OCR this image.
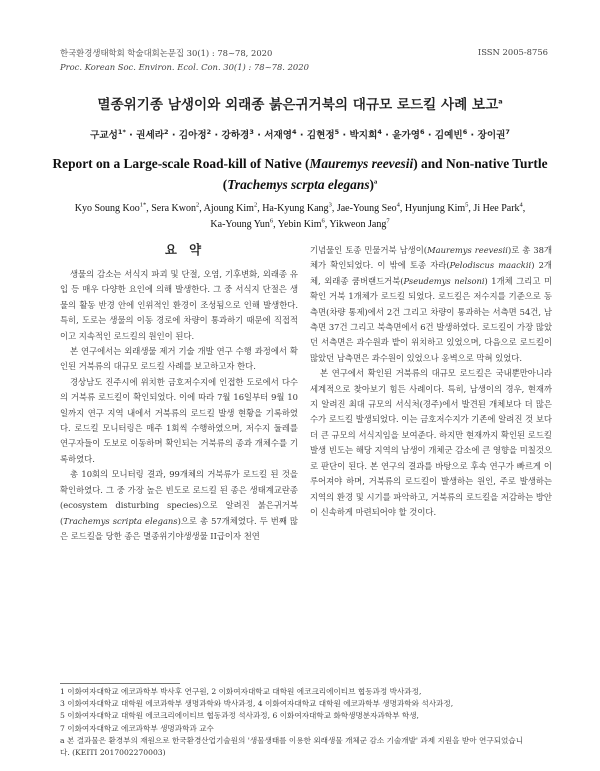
한국환경생태학회 학술대회논문집 30(1) : 78~78, 2020
Proc. Korean Soc. Environ. Ecol. Con. 30(1) : 78~78. 2020
ISSN 2005-8756
멸종위기종 남생이와 외래종 붉은귀거북의 대규모 로드킬 사례 보고$^a$
구교성$^{1*}$ · 권세라$^2$ · 김아정$^2$ · 강하경$^3$ · 서재영$^4$ · 김현정$^5$ · 박지희$^4$ · 윤가영$^6$ · 김예빈$^6$ · 장이권$^7$
Report on a Large-scale Road-kill of Native (Mauremys reevesii) and Non-native Turtle
(Trachemys scrpta elegans)$^a$
Kyo Soung Koo$^{1*}$, Sera Kwon$^2$, Ajoung Kim$^2$, Ha-Kyung Kang$^3$, Jae-Young Seo$^4$, Hyunjung Kim$^5$, Ji Hee Park$^4$,
Ka-Young Yun$^6$, Yebin Kim$^6$, Yikweon Jang$^7$
요 약

생물의 감소는 서식지 파괴 및 단절, 오염, 기후변화, 외래종 유입 등 매우 다양한 요인에 의해 발생한다. 그 중 서식지 단절은 생물의 활동 반경 안에 인위적인 환경이 조성됨으로 인해 발생한다. 특히, 도로는 생물의 이동 경로에 차량이 통과하기 때문에 직접적이고 지속적인 로드킬의 원인이 된다.

본 연구에서는 외래생물 제거 기술 개발 연구 수행 과정에서 확인된 거북류의 대규모 로드킬 사례를 보고하고자 한다.

경상남도 진주시에 위치한 금호저수지에 인접한 도로에서 다수의 거북류 로드킬이 확인되었다. 이에 따라 7월 16일부터 9월 10일까지 연구 지역 내에서 거북류의 로드킬 발생 현황을 기록하였다. 로드킬 모니터링은 매주 1회씩 수행하였으며, 저수지 둘레를 연구자들이 도보로 이동하며 확인되는 거북류의 종과 개체수를 기록하였다.

총 10회의 모니터링 결과, 99개체의 거북류가 로드킬 된 것을 확인하였다. 그 중 가장 높은 빈도로 로드킬 된 종은 생태계교란종(ecosystem disturbing species)으로 알려진 붉은귀거북(Trachemys scripta elegans)으로 총 57개체였다. 두 번째 많은 로드킬을 당한 종은 멸종위기야생생물 II급이자 천연

기념물인 토종 민물거북 남생이(Mauremys reevesii)로 총 38개체가 확인되었다. 이 밖에 토종 자라(Pelodiscus maackii) 2개체, 외래종 쿰버랜드거북(Pseudemys nelsoni) 1개체 그리고 미확인 거북 1개체가 로드킬 되었다. 로드킬은 저수지를 기준으로 동측면(차량 통제)에서 2건 그리고 차량이 통과하는 서측면 54건, 남측면 37건 그리고 북측면에서 6건 발생하였다. 로드킬이 가장 많았던 서측면은 과수원과 밭이 위치하고 있었으며, 다음으로 로드킬이 많았던 남측면은 과수원이 있었으나 옹벽으로 막혀 있었다.

본 연구에서 확인된 거북류의 대규모 로드킬은 국내뿐만아니라 세계적으로 찾아보기 힘든 사례이다. 특히, 남생이의 경우, 현재까지 알려진 최대 규모의 서식처(경주)에서 발견된 개체보다 더 많은 수가 로드킬 발생되었다. 이는 금호저수지가 기존에 알려진 것 보다 더 큰 규모의 서식지임을 보여준다. 하지만 현재까지 확인된 로드킬 발생 빈도는 해당 지역의 남생이 개체군 감소에 큰 영향을 미칠것으로 판단이 된다. 본 연구의 결과를 바탕으로 후속 연구가 빠르게 이루어져야 하며, 거북류의 로드킬이 발생하는 원인, 주로 발생하는 지역의 환경 및 시기를 파악하고, 거북류의 로드킬을 저감하는 방안이 신속하게 마련되어야 할 것이다.

1 이화여자대학교 에코과학부 박사후 연구원, 2 이화여자대학교 대학원 에코크리에이티브 협동과정 박사과정,
3 이화여자대학교 대학원 에코과학부 생명과학와 박사과정, 4 이화여자대학교 대학원 에코과학부 생명과학와 석사과정,
5 이화여자대학교 대학원 에코크리에이티브 협동과정 석사과정, 6 이화여자대학교 화학생명분자과학부 학생,
7 이화여자대학교 에코과학부 생명과학과 교수
a 본 결과물은 환경부의 재원으로 한국환경산업기술원의 '생물생태를 이용한 외래생물 개체군 감소 기술개발' 과제 지원을 받아 연구되었습니
다. (KEITI 2017002270003)
